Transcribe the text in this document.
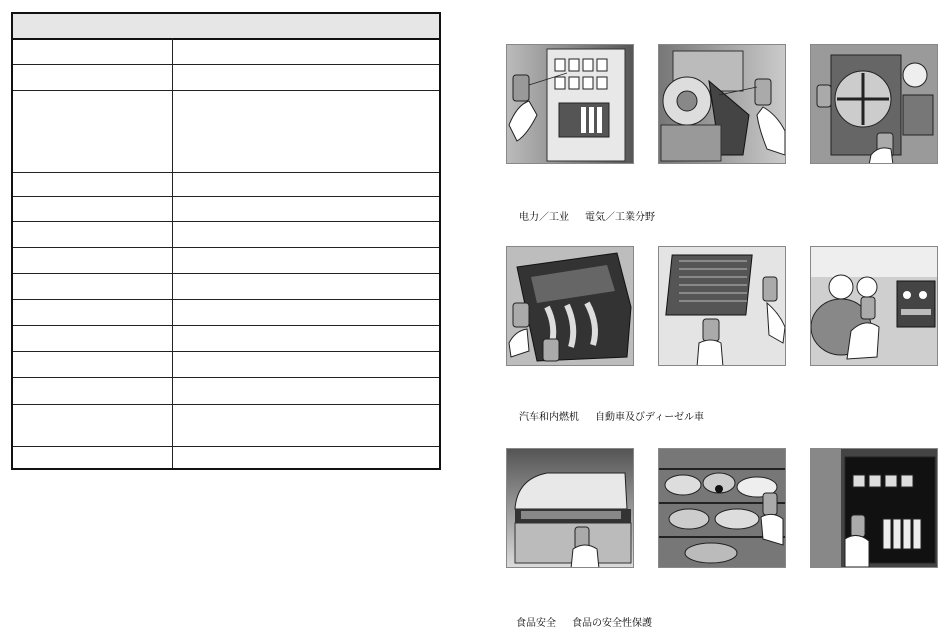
电力／工业 電気／工業分野
汽车和内燃机 自動車及びディーゼル車
食品安全 食品の安全性保護
